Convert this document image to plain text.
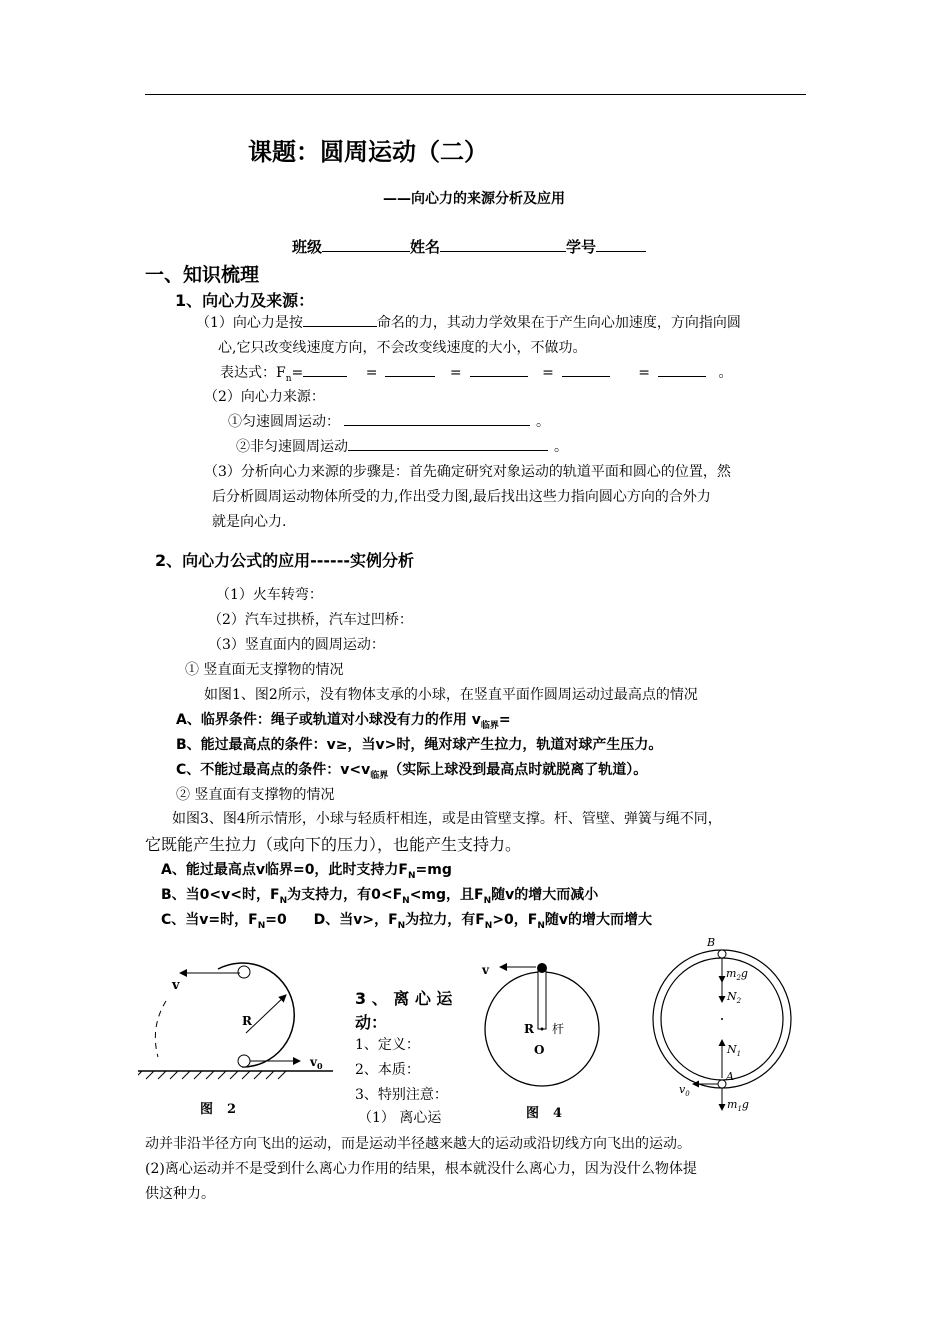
课题：圆周运动（二）
——向心力的来源分析及应用
班级	姓名	学号
一、知识梳理
1、向心力及来源：
（1）向心力是按	命名的力，其动力学效果在于产生向心加速度，方向指向圆
心,它只改变线速度方向，不会改变线速度的大小，不做功。
表达式：$F_n=$	=	=	=	=	。
（2）向心力来源：
①匀速圆周运动：	。
②非匀速圆周运动	。
（3）分析向心力来源的步骤是：首先确定研究对象运动的轨道平面和圆心的位置，然
后分析圆周运动物体所受的力,作出受力图,最后找出这些力指向圆心方向的合外力
就是向心力.
2、向心力公式的应用------实例分析
（1）火车转弯：
（2）汽车过拱桥，汽车过凹桥：
（3）竖直面内的圆周运动：
① 竖直面无支撑物的情况
如图1、图2所示，没有物体支承的小球，在竖直平面作圆周运动过最高点的情况
A、临界条件：绳子或轨道对小球没有力的作用 $v_{临界}=$
B、能过最高点的条件：v≥，当v>时，绳对球产生拉力，轨道对球产生压力。
C、不能过最高点的条件：$v<v_{临界}$（实际上球没到最高点时就脱离了轨道）。
② 竖直面有支撑物的情况
如图3、图4所示情形，小球与轻质杆相连，或是由管壁支撑。杆、管壁、弹簧与绳不同，
它既能产生拉力（或向下的压力），也能产生支持力。
A、能过最高点v临界=0，此时支持力$F_N=mg$
B、当0<v<时，$F_N$为支持力，有$0<F_N<mg$，且$F_N$随v的增大而减小
C、当v=时，$F_N=0$ D、当v>，$F_N$为拉力，有$F_N>0$，$F_N$随v的增大而增大
v
R
$v_0$
图 2
3 、 离 心 运
动：
1、定义：
2、本质：
3、特别注意：
（1） 离心运
v
R 杆
O
图 4
B
$m_2g$
$N_2$
$N_1$
A
$v_0$
$m_1g$
动并非沿半径方向飞出的运动，而是运动半径越来越大的运动或沿切线方向飞出的运动。
(2)离心运动并不是受到什么离心力作用的结果，根本就没什么离心力，因为没什么物体提
供这种力。
